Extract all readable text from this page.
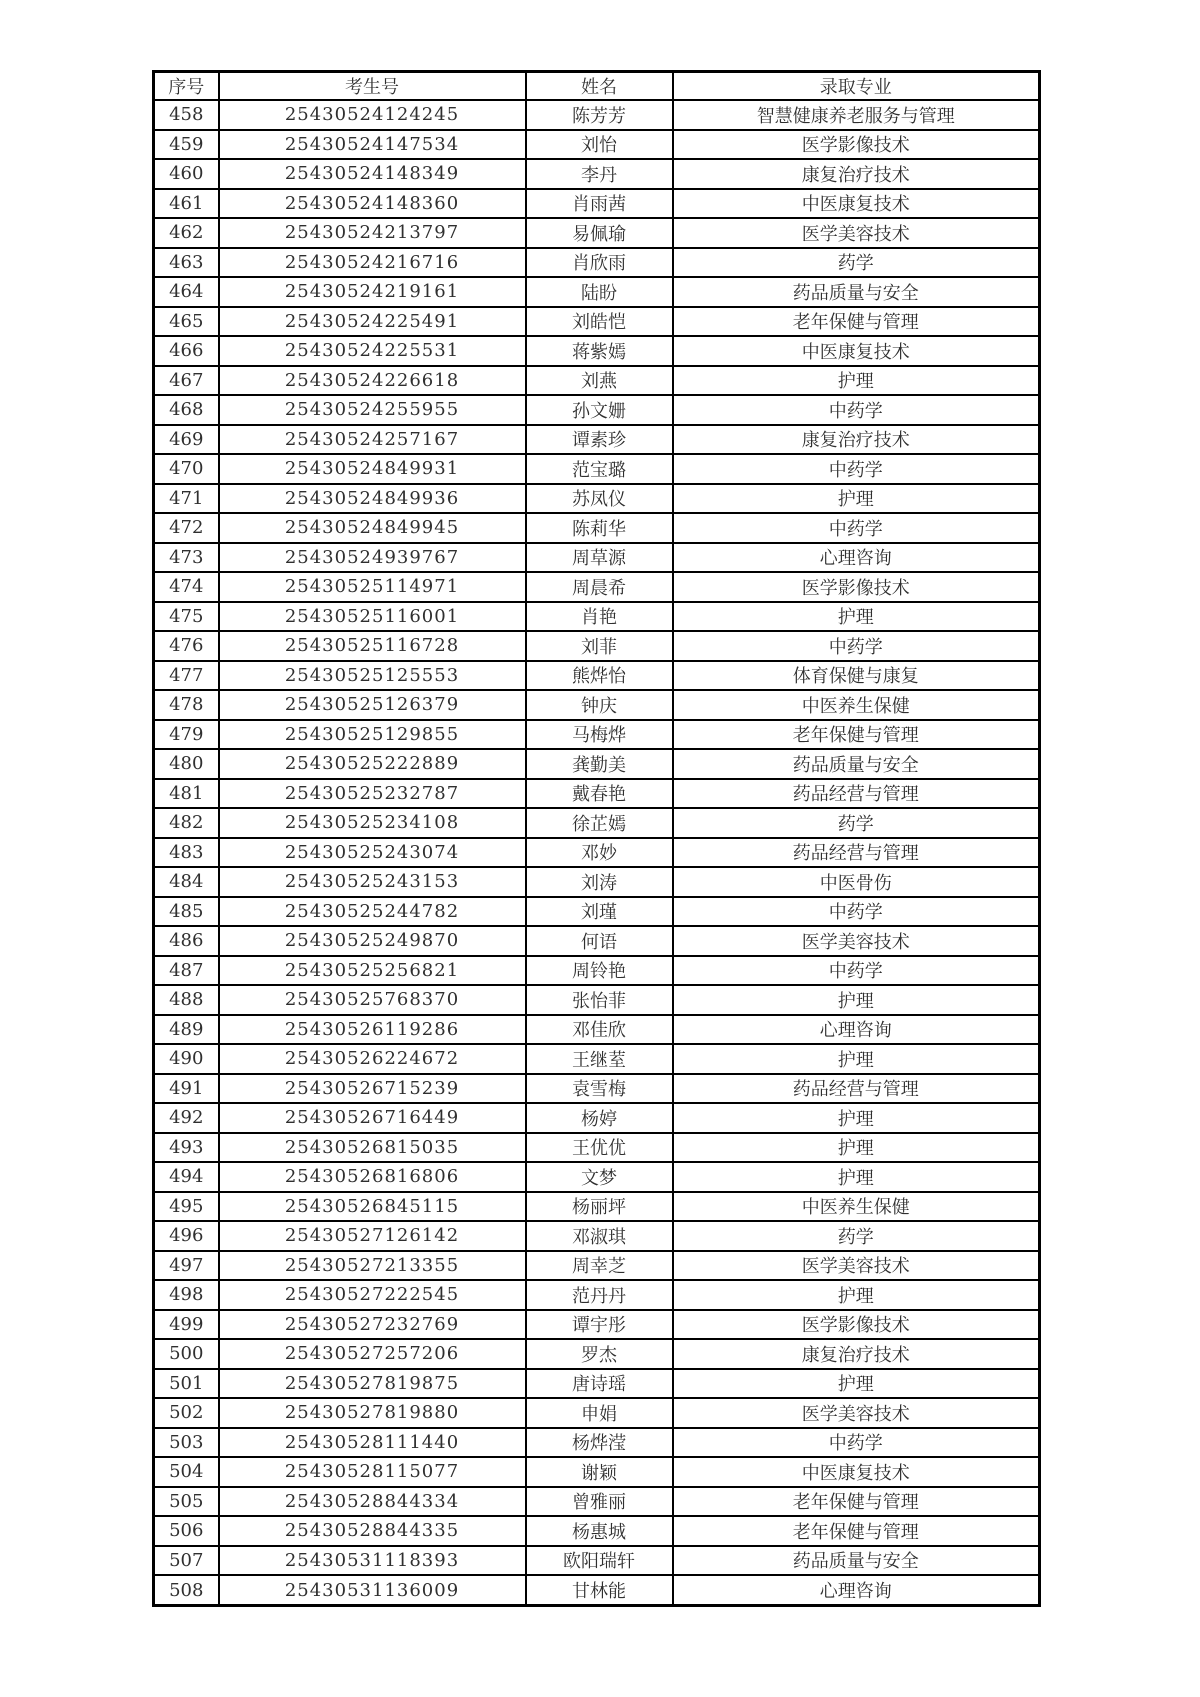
序号	考生号	姓名	录取专业
458	25430524124245	陈芳芳	智慧健康养老服务与管理
459	25430524147534	刘怡	医学影像技术
460	25430524148349	李丹	康复治疗技术
461	25430524148360	肖雨茜	中医康复技术
462	25430524213797	易佩瑜	医学美容技术
463	25430524216716	肖欣雨	药学
464	25430524219161	陆盼	药品质量与安全
465	25430524225491	刘皓恺	老年保健与管理
466	25430524225531	蒋紫嫣	中医康复技术
467	25430524226618	刘燕	护理
468	25430524255955	孙文姗	中药学
469	25430524257167	谭素珍	康复治疗技术
470	25430524849931	范宝璐	中药学
471	25430524849936	苏凤仪	护理
472	25430524849945	陈莉华	中药学
473	25430524939767	周草源	心理咨询
474	25430525114971	周晨希	医学影像技术
475	25430525116001	肖艳	护理
476	25430525116728	刘菲	中药学
477	25430525125553	熊烨怡	体育保健与康复
478	25430525126379	钟庆	中医养生保健
479	25430525129855	马梅烨	老年保健与管理
480	25430525222889	龚勤美	药品质量与安全
481	25430525232787	戴春艳	药品经营与管理
482	25430525234108	徐芷嫣	药学
483	25430525243074	邓妙	药品经营与管理
484	25430525243153	刘涛	中医骨伤
485	25430525244782	刘瑾	中药学
486	25430525249870	何语	医学美容技术
487	25430525256821	周铃艳	中药学
488	25430525768370	张怡菲	护理
489	25430526119286	邓佳欣	心理咨询
490	25430526224672	王继荎	护理
491	25430526715239	袁雪梅	药品经营与管理
492	25430526716449	杨婷	护理
493	25430526815035	王优优	护理
494	25430526816806	文梦	护理
495	25430526845115	杨丽坪	中医养生保健
496	25430527126142	邓淑琪	药学
497	25430527213355	周幸芝	医学美容技术
498	25430527222545	范丹丹	护理
499	25430527232769	谭宇彤	医学影像技术
500	25430527257206	罗杰	康复治疗技术
501	25430527819875	唐诗瑶	护理
502	25430527819880	申娟	医学美容技术
503	25430528111440	杨烨滢	中药学
504	25430528115077	谢颖	中医康复技术
505	25430528844334	曾雅丽	老年保健与管理
506	25430528844335	杨惠城	老年保健与管理
507	25430531118393	欧阳瑞轩	药品质量与安全
508	25430531136009	甘林能	心理咨询
